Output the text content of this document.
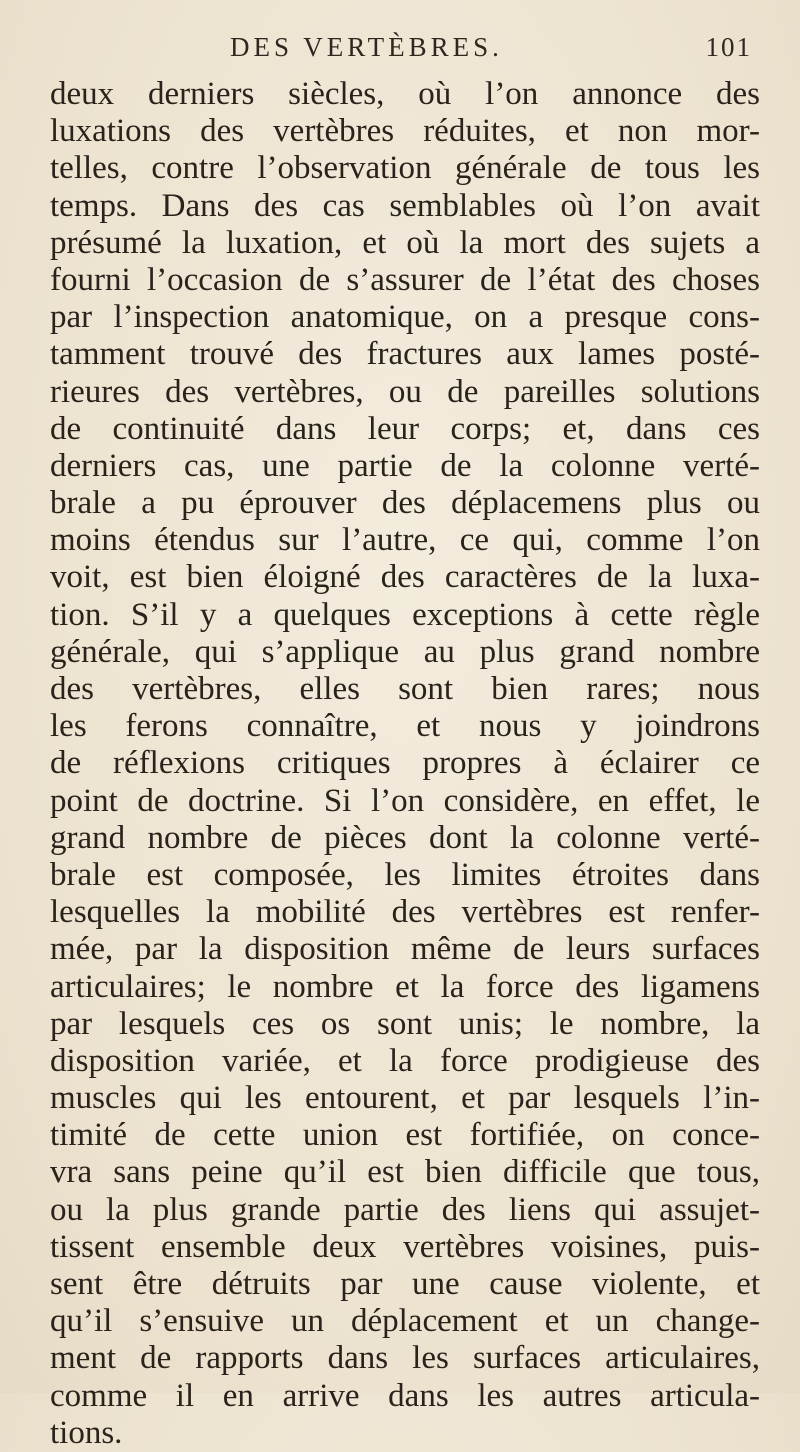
DES VERTÈBRES.	101
deux derniers siècles, où l’on annonce des
luxations des vertèbres réduites, et non mor-
telles, contre l’observation générale de tous les
temps. Dans des cas semblables où l’on avait
présumé la luxation, et où la mort des sujets a
fourni l’occasion de s’assurer de l’état des choses
par l’inspection anatomique, on a presque cons-
tamment trouvé des fractures aux lames posté-
rieures des vertèbres, ou de pareilles solutions
de continuité dans leur corps; et, dans ces
derniers cas, une partie de la colonne verté-
brale a pu éprouver des déplacemens plus ou
moins étendus sur l’autre, ce qui, comme l’on
voit, est bien éloigné des caractères de la luxa-
tion. S’il y a quelques exceptions à cette règle
générale, qui s’applique au plus grand nombre
des vertèbres, elles sont bien rares; nous
les ferons connaître, et nous y joindrons
de réflexions critiques propres à éclairer ce
point de doctrine. Si l’on considère, en effet, le
grand nombre de pièces dont la colonne verté-
brale est composée, les limites étroites dans
lesquelles la mobilité des vertèbres est renfer-
mée, par la disposition même de leurs surfaces
articulaires; le nombre et la force des ligamens
par lesquels ces os sont unis; le nombre, la
disposition variée, et la force prodigieuse des
muscles qui les entourent, et par lesquels l’in-
timité de cette union est fortifiée, on conce-
vra sans peine qu’il est bien difficile que tous,
ou la plus grande partie des liens qui assujet-
tissent ensemble deux vertèbres voisines, puis-
sent être détruits par une cause violente, et
qu’il s’ensuive un déplacement et un change-
ment de rapports dans les surfaces articulaires,
comme il en arrive dans les autres articula-
tions.
